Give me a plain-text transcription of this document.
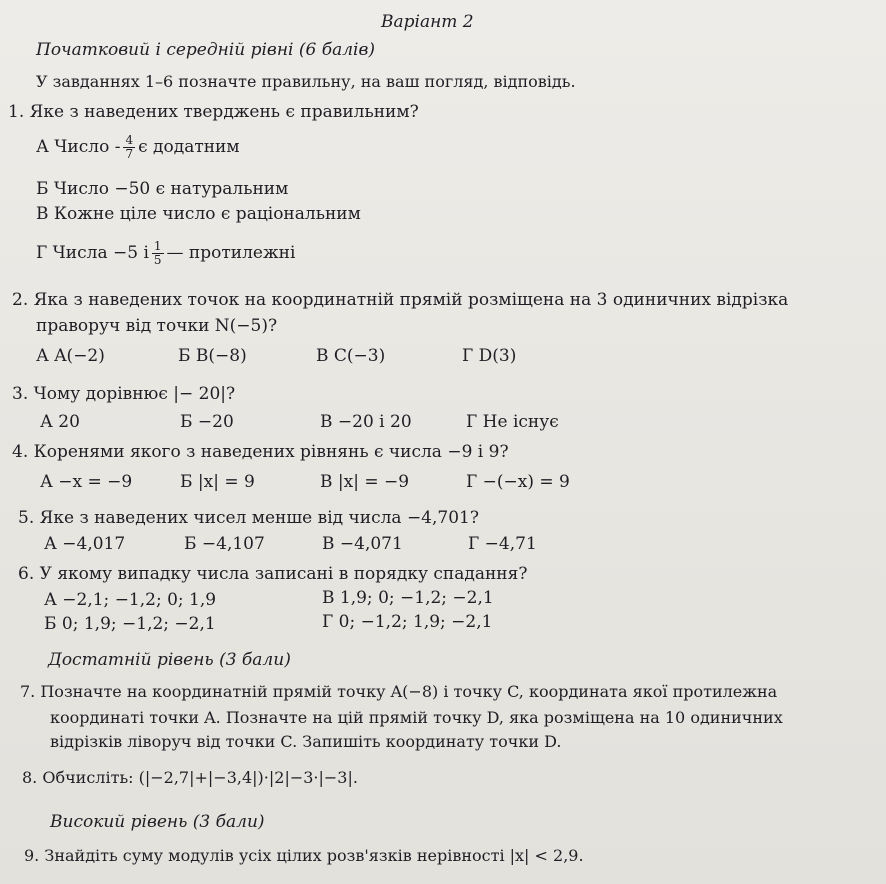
Варіант 2
Початковий і середній рівні (6 балів)
У завданнях 1–6 позначте правильну, на ваш погляд, відповідь.
1. Яке з наведених тверджень є правильним?
А Число - $\frac{4}{7}$ є додатним
Б Число −50 є натуральним
В Кожне ціле число є раціональним
Г Числа −5 і $\frac{1}{5}$ — протилежні
2. Яка з наведених точок на координатній прямій розміщена на 3 одиничних відрізка
праворуч від точки N(−5)?
А A(−2)	Б B(−8)	В C(−3)	Г D(3)
3. Чому дорівнює |− 20|?
А 20	Б −20	В −20 і 20	Г Не існує
4. Коренями якого з наведених рівнянь є числа −9 і 9?
А −x = −9	Б |x| = 9	В |x| = −9	Г −(−x) = 9
5. Яке з наведених чисел менше від числа −4,701?
А −4,017	Б −4,107	В −4,071	Г −4,71
6. У якому випадку числа записані в порядку спадання?
А −2,1; −1,2; 0; 1,9	В 1,9; 0; −1,2; −2,1
Б 0; 1,9; −1,2; −2,1	Г 0; −1,2; 1,9; −2,1
Достатній рівень (3 бали)
7. Позначте на координатній прямій точку A(−8) і точку C, координата якої протилежна
координаті точки A. Позначте на цій прямій точку D, яка розміщена на 10 одиничних
відрізків ліворуч від точки C. Запишіть координату точки D.
8. Обчисліть: (|−2,7|+|−3,4|)·|2|−3·|−3|.
Високий рівень (3 бали)
9. Знайдіть суму модулів усіх цілих розв'язків нерівності |x| < 2,9.
